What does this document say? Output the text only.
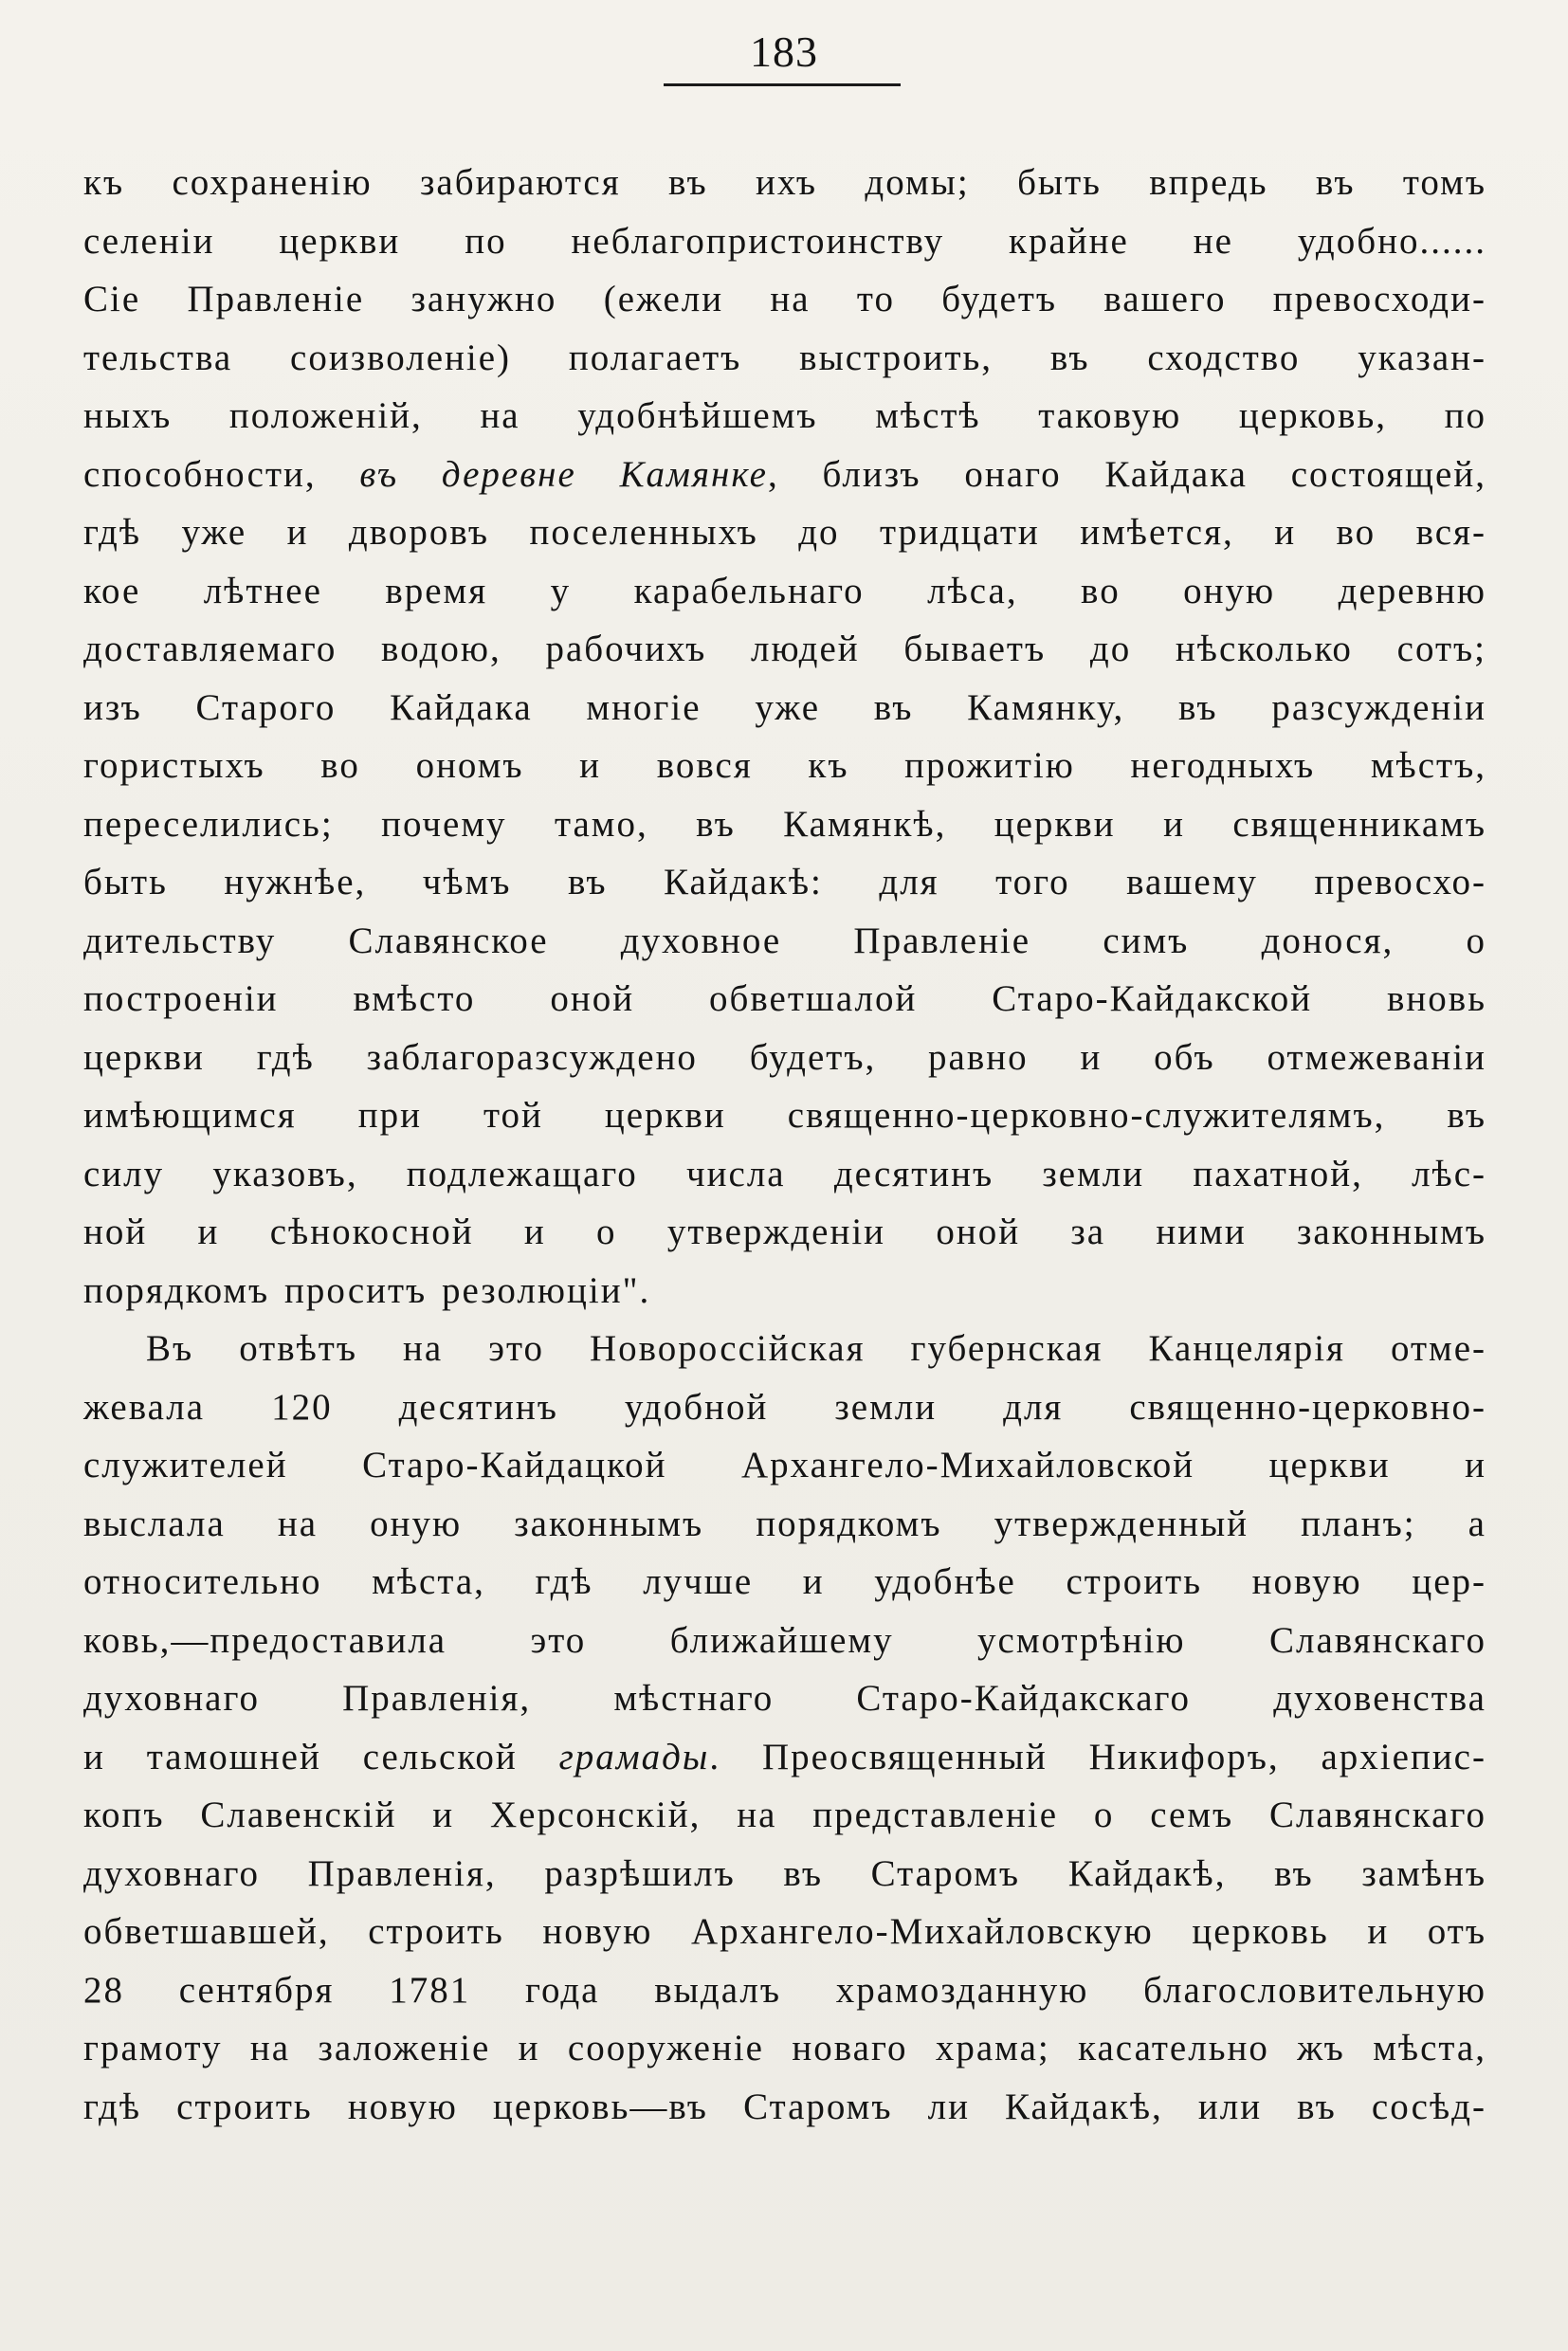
183
къ сохраненію забираются въ ихъ домы; быть впредь въ томъ
селеніи церкви по неблагопристоинству крайне не удобно......
Сіе Правленіе занужно (ежели на то будетъ вашего превосходи-
тельства соизволеніе) полагаетъ выстроить, въ сходство указан-
ныхъ положеній, на удобнѣйшемъ мѣстѣ таковую церковь, по
способности, въ деревне Камянке, близъ онаго Кайдака состоящей,
гдѣ уже и дворовъ поселенныхъ до тридцати имѣется, и во вся-
кое лѣтнее время у карабельнаго лѣса, во оную деревню
доставляемаго водою, рабочихъ людей бываетъ до нѣсколько сотъ;
изъ Старого Кайдака многіе уже въ Камянку, въ разсужденіи
гористыхъ во ономъ и вовся къ прожитію негодныхъ мѣстъ,
переселились; почему тамо, въ Камянкѣ, церкви и священникамъ
быть нужнѣе, чѣмъ въ Кайдакѣ: для того вашему превосхо-
дительству Славянское духовное Правленіе симъ донося, о
построеніи вмѣсто оной обветшалой Старо-Кайдакской вновь
церкви гдѣ заблагоразсуждено будетъ, равно и объ отмежеваніи
имѣющимся при той церкви священно-церковно-служителямъ, въ
силу указовъ, подлежащаго числа десятинъ земли пахатной, лѣс-
ной и сѣнокосной и о утвержденіи оной за ними законнымъ
порядкомъ проситъ резолюціи".
Въ отвѣтъ на это Новороссійская губернская Канцелярія отме-
жевала 120 десятинъ удобной земли для священно-церковно-
служителей Старо-Кайдацкой Архангело-Михайловской церкви и
выслала на оную законнымъ порядкомъ утвержденный планъ; а
относительно мѣста, гдѣ лучше и удобнѣе строить новую цер-
ковь,—предоставила это ближайшему усмотрѣнію Славянскаго
духовнаго Правленія, мѣстнаго Старо-Кайдакскаго духовенства
и тамошней сельской грамады. Преосвященный Никифоръ, архіепис-
копъ Славенскій и Херсонскій, на представленіе о семъ Славянскаго
духовнаго Правленія, разрѣшилъ въ Старомъ Кайдакѣ, въ замѣнъ
обветшавшей, строить новую Архангело-Михайловскую церковь и отъ
28 сентября 1781 года выдалъ храмозданную благословительную
грамоту на заложеніе и сооруженіе новаго храма; касательно жъ мѣста,
гдѣ строить новую церковь—въ Старомъ ли Кайдакѣ, или въ сосѣд-
